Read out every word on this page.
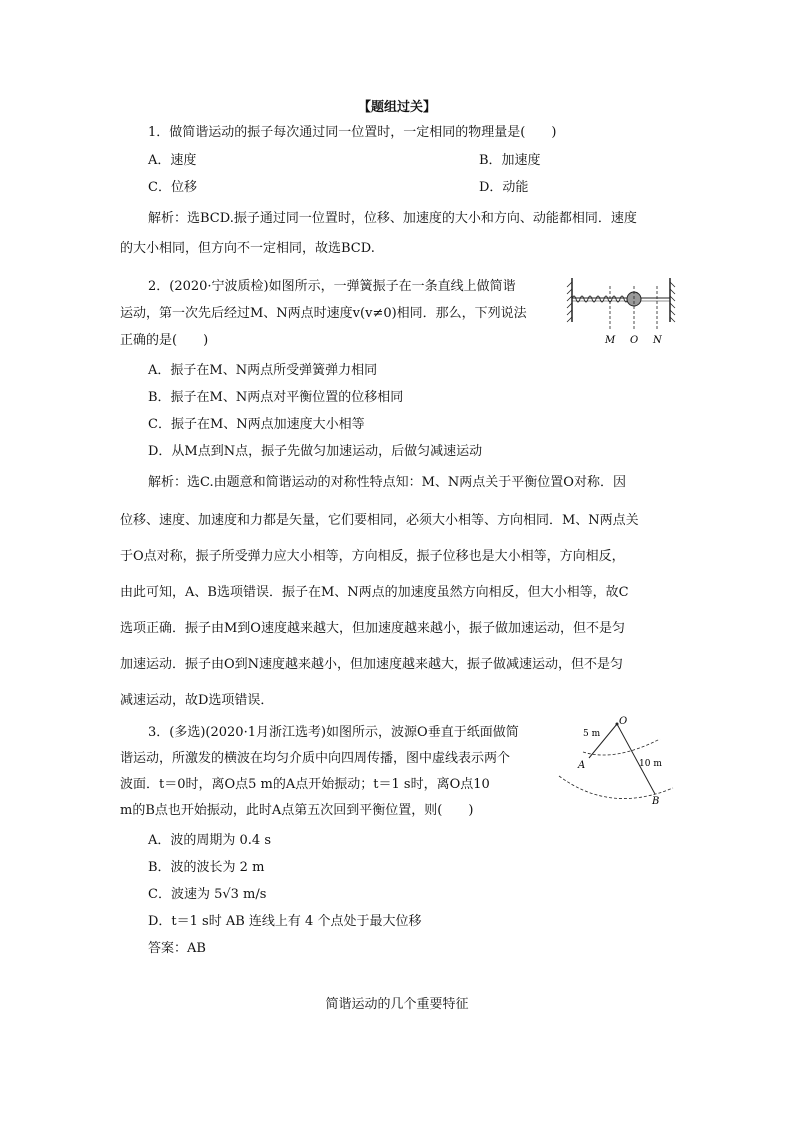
【题组过关】
1．做简谐运动的振子每次通过同一位置时，一定相同的物理量是(　　)
A．速度	B．加速度
C．位移	D．动能
解析：选BCD.振子通过同一位置时，位移、加速度的大小和方向、动能都相同．速度
的大小相同，但方向不一定相同，故选BCD.
2．(2020·宁波质检)如图所示，一弹簧振子在一条直线上做简谐
运动，第一次先后经过M、N两点时速度v(v≠0)相同．那么，下列说法
正确的是(　　)	M O N
A．振子在M、N两点所受弹簧弹力相同
B．振子在M、N两点对平衡位置的位移相同
C．振子在M、N两点加速度大小相等
D．从M点到N点，振子先做匀加速运动，后做匀减速运动
解析：选C.由题意和简谐运动的对称性特点知：M、N两点关于平衡位置O对称．因
位移、速度、加速度和力都是矢量，它们要相同，必须大小相等、方向相同．M、N两点关
于O点对称，振子所受弹力应大小相等，方向相反，振子位移也是大小相等，方向相反，
由此可知，A、B选项错误．振子在M、N两点的加速度虽然方向相反，但大小相等，故C
选项正确．振子由M到O速度越来越大，但加速度越来越小，振子做加速运动，但不是匀
加速运动．振子由O到N速度越来越小，但加速度越来越大，振子做减速运动，但不是匀
减速运动，故D选项错误．
3．(多选)(2020·1月浙江选考)如图所示，波源O垂直于纸面做简
谐运动，所激发的横波在均匀介质中向四周传播，图中虚线表示两个
波面．t＝0时，离O点5 m的A点开始振动；t＝1 s时，离O点10
m的B点也开始振动，此时A点第五次回到平衡位置，则(　　)
O
A
B
5 m
10 m
A．波的周期为 0.4 s
B．波的波长为 2 m
C．波速为 5√3 m/s
D．t＝1 s时 AB 连线上有 4 个点处于最大位移
答案：AB
简谐运动的几个重要特征
